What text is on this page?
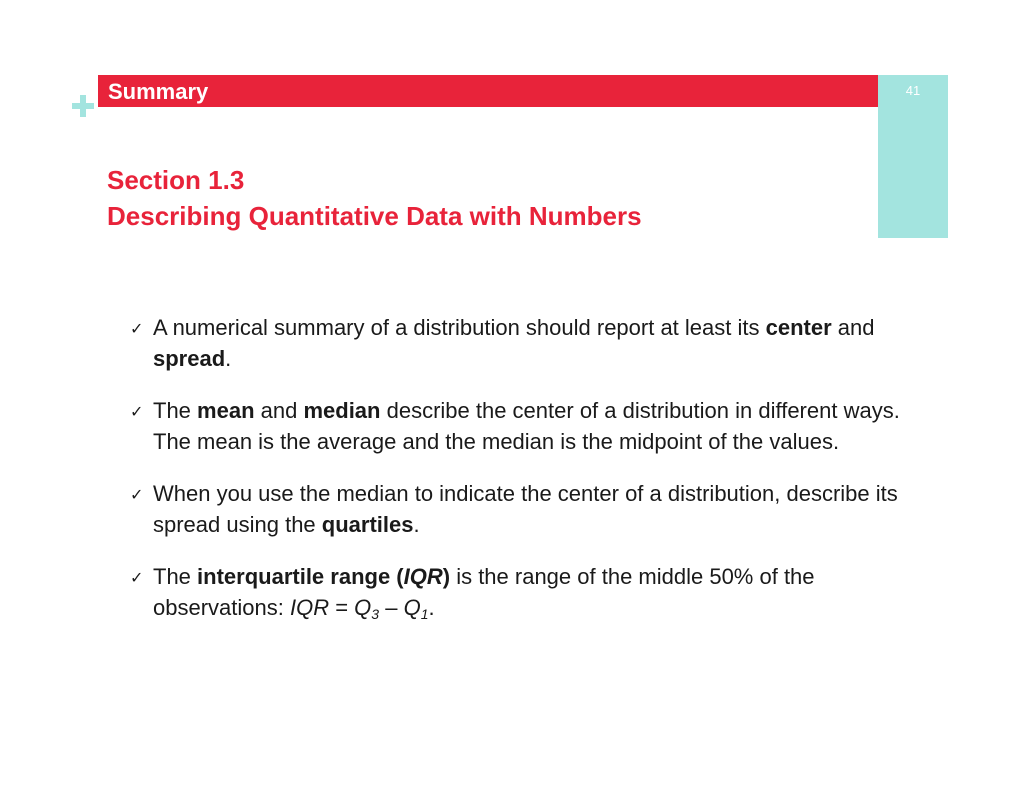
Summary	41
Section 1.3
Describing Quantitative Data with Numbers
✓ A numerical summary of a distribution should report at least its center and spread.
✓ The mean and median describe the center of a distribution in different ways. The mean is the average and the median is the midpoint of the values.
✓ When you use the median to indicate the center of a distribution, describe its spread using the quartiles.
✓ The interquartile range (IQR) is the range of the middle 50% of the observations: IQR = $Q_3 - Q_1$.
